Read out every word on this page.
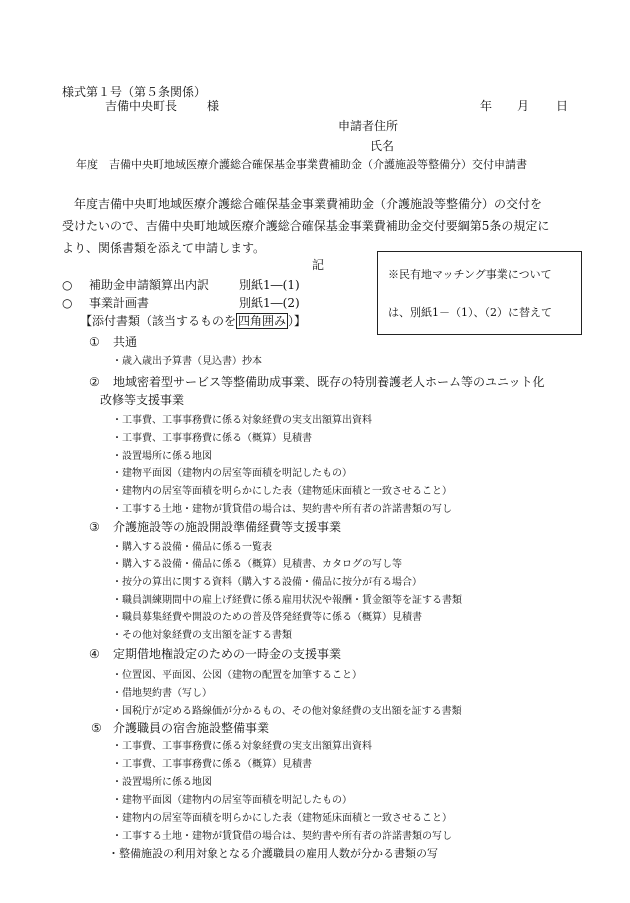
様式第１号（第５条関係）
吉備中央町長 様	年 月 日
申請者住所
氏名
年度　吉備中央町地域医療介護総合確保基金事業費補助金（介護施設等整備分）交付申請書
年度吉備中央町地域医療介護総合確保基金事業費補助金（介護施設等整備分）の交付を
受けたいので、吉備中央町地域医療介護総合確保基金事業費補助金交付要綱第5条の規定に
より、関係書類を添えて申請します。
記
※民有地マッチング事業について
は、別紙1－（1）、（2）に替えて
○ 補助金申請額算出内訳 別紙1―(1)
○ 事業計画書	別紙1―(2)
【添付書類（該当するものを 四角囲み ）】
① 共通
・歳入歳出予算書（見込書）抄本
② 地域密着型サービス等整備助成事業、既存の特別養護老人ホーム等のユニット化
改修等支援事業
・工事費、工事事務費に係る対象経費の実支出額算出資料
・工事費、工事事務費に係る（概算）見積書
・設置場所に係る地図
・建物平面図（建物内の居室等面積を明記したもの）
・建物内の居室等面積を明らかにした表（建物延床面積と一致させること）
・工事する土地・建物が賃貸借の場合は、契約書や所有者の許諾書類の写し
③ 介護施設等の施設開設準備経費等支援事業
・購入する設備・備品に係る一覧表
・購入する設備・備品に係る（概算）見積書、カタログの写し等
・按分の算出に関する資料（購入する設備・備品に按分が有る場合）
・職員訓練期間中の雇上げ経費に係る雇用状況や報酬・賃金額等を証する書類
・職員募集経費や開設のための普及啓発経費等に係る（概算）見積書
・その他対象経費の支出額を証する書類
④ 定期借地権設定のための一時金の支援事業
・位置図、平面図、公図（建物の配置を加筆すること）
・借地契約書（写し）
・国税庁が定める路線価が分かるもの、その他対象経費の支出額を証する書類
⑤ 介護職員の宿舎施設整備事業
・工事費、工事事務費に係る対象経費の実支出額算出資料
・工事費、工事事務費に係る（概算）見積書
・設置場所に係る地図
・建物平面図（建物内の居室等面積を明記したもの）
・建物内の居室等面積を明らかにした表（建物延床面積と一致させること）
・工事する土地・建物が賃貸借の場合は、契約書や所有者の許諾書類の写し
・整備施設の利用対象となる介護職員の雇用人数が分かる書類の写
